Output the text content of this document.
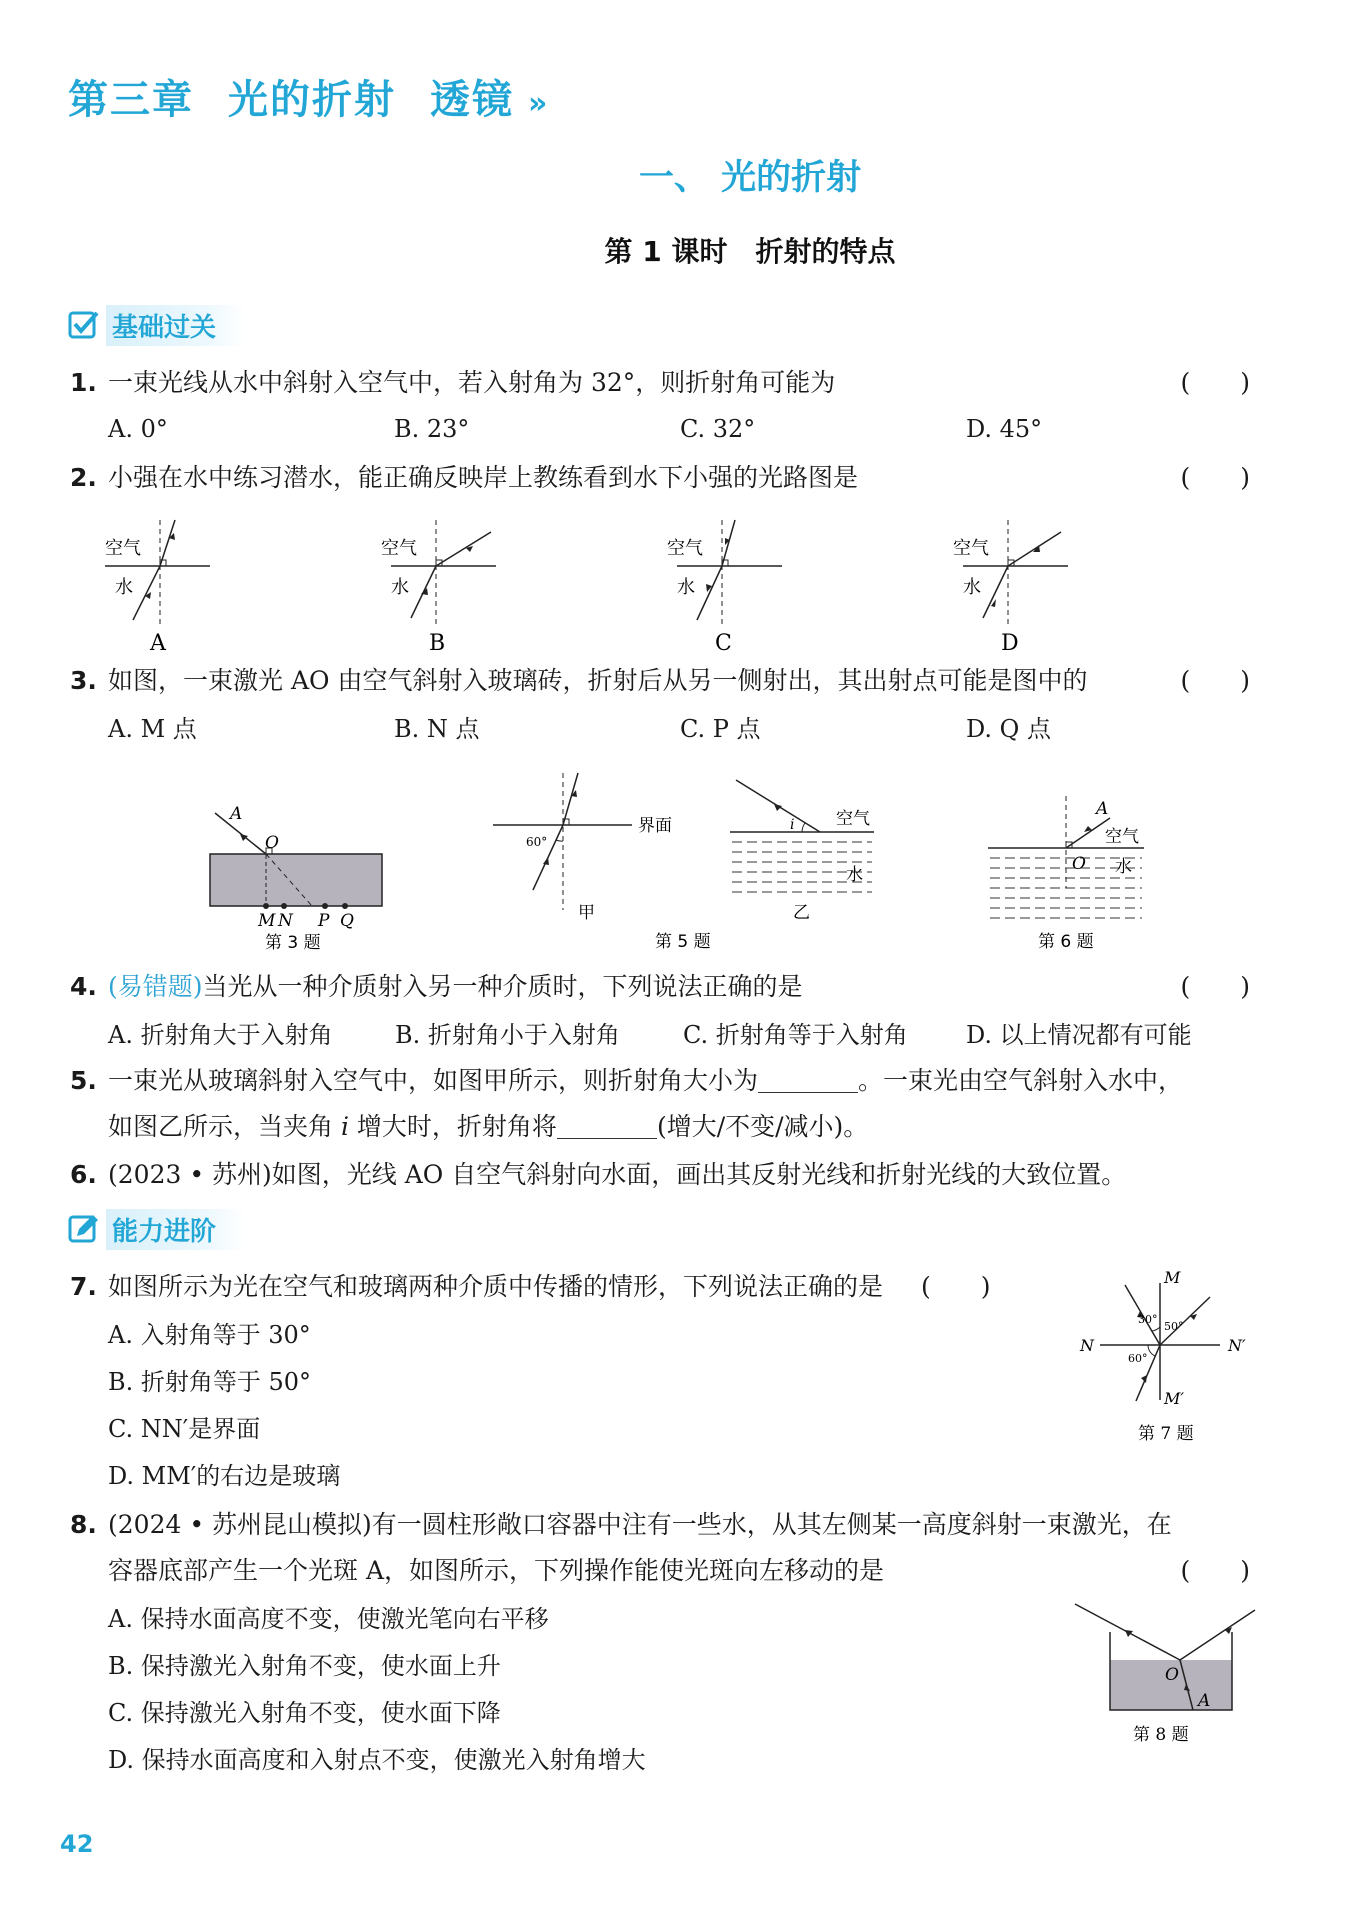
第三章 光的折射 透镜 »
一、 光的折射
第 1 课时　折射的特点
基础过关
1. 一束光线从水中斜射入空气中，若入射角为 32°，则折射角可能为	(　　)
A. 0°	B. 23°	C. 32°	D. 45°
2. 小强在水中练习潜水，能正确反映岸上教练看到水下小强的光路图是	(　　)
空气
水
A
空气
水
B
空气
水
C
空气
水
D
3. 如图，一束激光 AO 由空气斜射入玻璃砖，折射后从另一侧射出，其出射点可能是图中的	(　　)
A. M 点	B. N 点	C. P 点	D. Q 点
A
O
M N P Q
第 3 题
60°
界面
甲
i 空气
水
乙
第 5 题
A
O
空气
水
第 6 题
4. (易错题)当光从一种介质射入另一种介质时，下列说法正确的是	(　　)
A. 折射角大于入射角	B. 折射角小于入射角	C. 折射角等于入射角 D. 以上情况都有可能
5. 一束光从玻璃斜射入空气中，如图甲所示，则折射角大小为	。一束光由空气斜射入水中，
如图乙所示，当夹角 i 增大时，折射角将	(增大/不变/减小)。
6. (2023 • 苏州)如图，光线 AO 自空气斜射向水面，画出其反射光线和折射光线的大致位置。
能力进阶
7. 如图所示为光在空气和玻璃两种介质中传播的情形，下列说法正确的是 (　　)
A. 入射角等于 30°
B. 折射角等于 50°
C. NN′是界面
D. MM′的右边是玻璃
M
N	N′
M′
30°
50°
60°
第 7 题
8. (2024 • 苏州昆山模拟)有一圆柱形敞口容器中注有一些水，从其左侧某一高度斜射一束激光，在
容器底部产生一个光斑 A，如图所示，下列操作能使光斑向左移动的是	(　　)
A. 保持水面高度不变，使激光笔向右平移
B. 保持激光入射角不变，使水面上升
C. 保持激光入射角不变，使水面下降
D. 保持水面高度和入射点不变，使激光入射角增大
O
A
第 8 题
42
